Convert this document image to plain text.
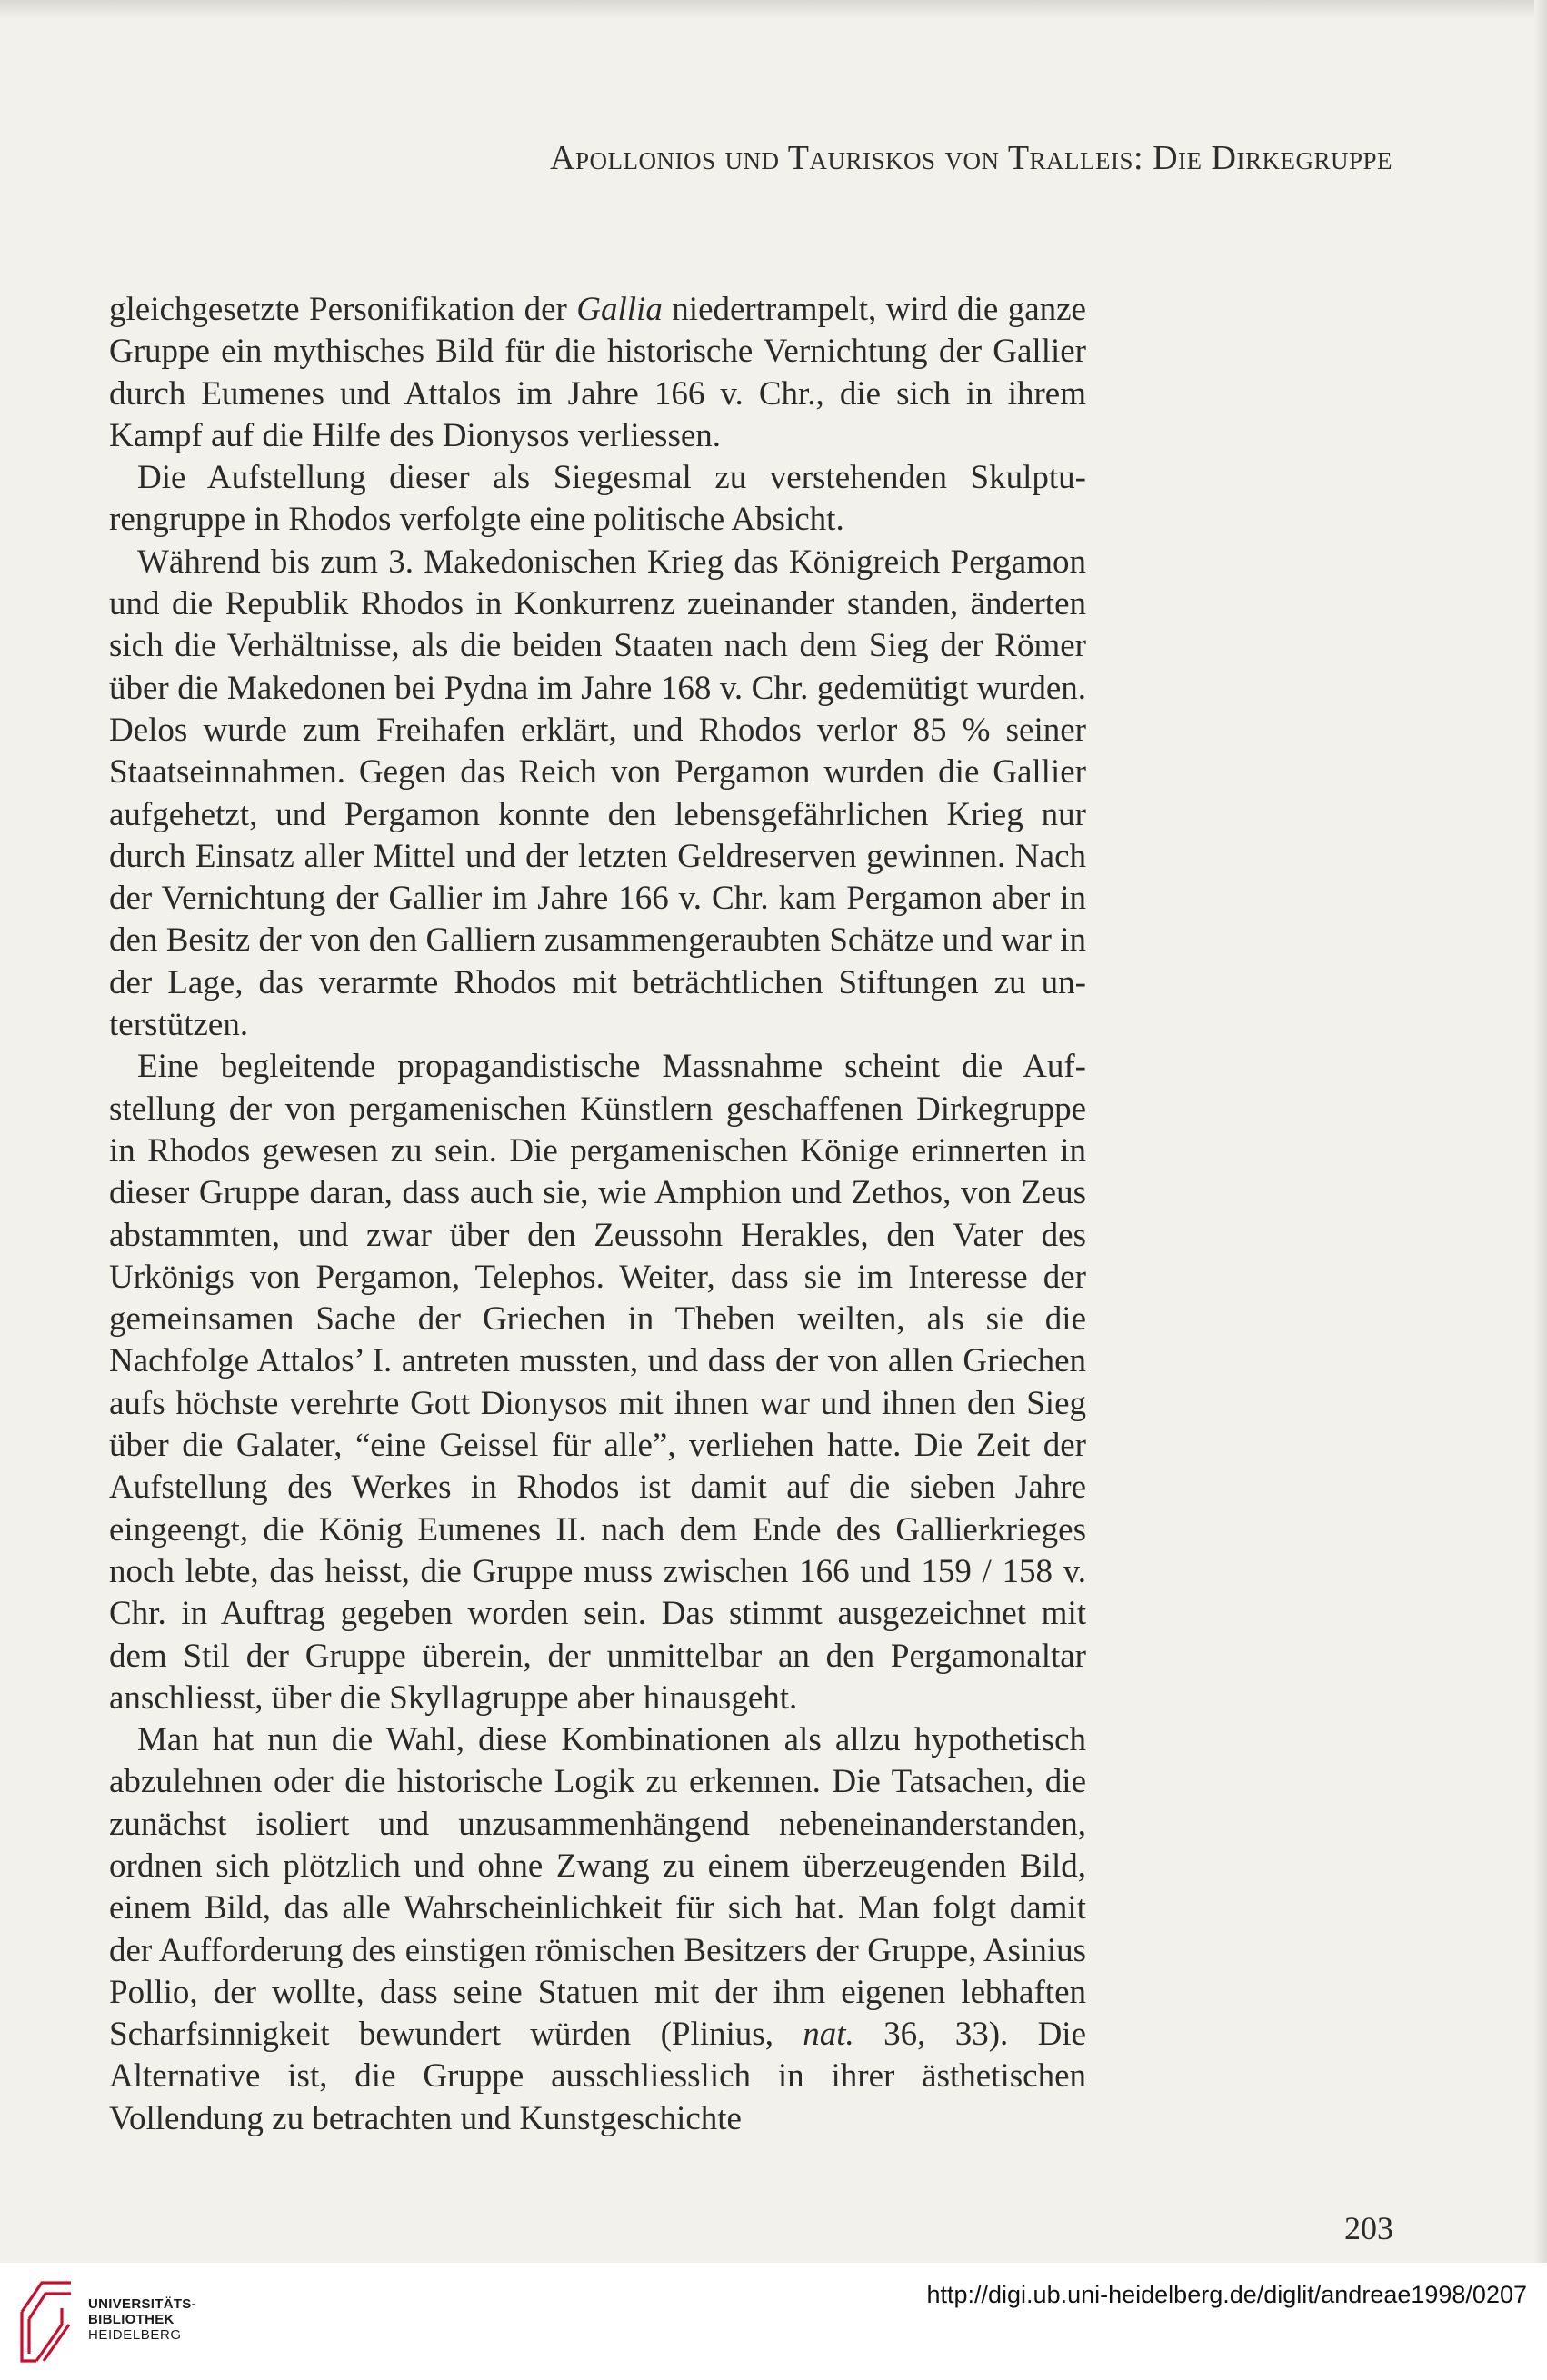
Apollonios und Tauriskos von Tralleis: Die Dirkegruppe

gleichgesetzte Personifikation der Gallia niedertrampelt, wird die ganze Gruppe ein mythisches Bild für die historische Vernichtung der Gallier durch Eumenes und Attalos im Jahre 166 v. Chr., die sich in ihrem Kampf auf die Hilfe des Dionysos verliessen.

Die Aufstellung dieser als Siegesmal zu verstehenden Skulpturengruppe in Rhodos verfolgte eine politische Absicht.

Während bis zum 3. Makedonischen Krieg das Königreich Pergamon und die Republik Rhodos in Konkurrenz zueinander standen, änderten sich die Verhältnisse, als die beiden Staaten nach dem Sieg der Römer über die Makedonen bei Pydna im Jahre 168 v. Chr. gedemütigt wurden. Delos wurde zum Freihafen erklärt, und Rhodos verlor 85 % seiner Staatseinnahmen. Gegen das Reich von Pergamon wurden die Gallier aufgehetzt, und Pergamon konnte den lebensgefährlichen Krieg nur durch Einsatz aller Mittel und der letzten Geldreserven gewinnen. Nach der Vernichtung der Gallier im Jahre 166 v. Chr. kam Pergamon aber in den Besitz der von den Galliern zusammengeraubten Schätze und war in der Lage, das verarmte Rhodos mit beträchtlichen Stiftungen zu unterstützen.

Eine begleitende propagandistische Massnahme scheint die Aufstellung der von pergamenischen Künstlern geschaffenen Dirkegruppe in Rhodos gewesen zu sein. Die pergamenischen Könige erinnerten in dieser Gruppe daran, dass auch sie, wie Amphion und Zethos, von Zeus abstammten, und zwar über den Zeussohn Herakles, den Vater des Urkönigs von Pergamon, Telephos. Weiter, dass sie im Interesse der gemeinsamen Sache der Griechen in Theben weilten, als sie die Nachfolge Attalos’ I. antreten mussten, und dass der von allen Griechen aufs höchste verehrte Gott Dionysos mit ihnen war und ihnen den Sieg über die Galater, “eine Geissel für alle”, verliehen hatte. Die Zeit der Aufstellung des Werkes in Rhodos ist damit auf die sieben Jahre eingeengt, die König Eumenes II. nach dem Ende des Gallierkrieges noch lebte, das heisst, die Gruppe muss zwischen 166 und 159 / 158 v. Chr. in Auftrag gegeben worden sein. Das stimmt ausgezeichnet mit dem Stil der Gruppe überein, der unmittelbar an den Pergamonaltar anschliesst, über die Skyllagruppe aber hinausgeht.

Man hat nun die Wahl, diese Kombinationen als allzu hypothetisch abzulehnen oder die historische Logik zu erkennen. Die Tatsachen, die zunächst isoliert und unzusammenhängend nebeneinanderstanden, ordnen sich plötzlich und ohne Zwang zu einem überzeugenden Bild, einem Bild, das alle Wahrscheinlichkeit für sich hat. Man folgt damit der Aufforderung des einstigen römischen Besitzers der Gruppe, Asinius Pollio, der wollte, dass seine Statuen mit der ihm eigenen lebhaften Scharfsinnigkeit bewundert würden (Plinius, nat. 36, 33). Die Alternative ist, die Gruppe ausschliesslich in ihrer ästhetischen Vollendung zu betrachten und Kunstgeschichte

203
UNIVERSITÄTS-
BIBLIOTHEK
HEIDELBERG
http://digi.ub.uni-heidelberg.de/diglit/andreae1998/0207
